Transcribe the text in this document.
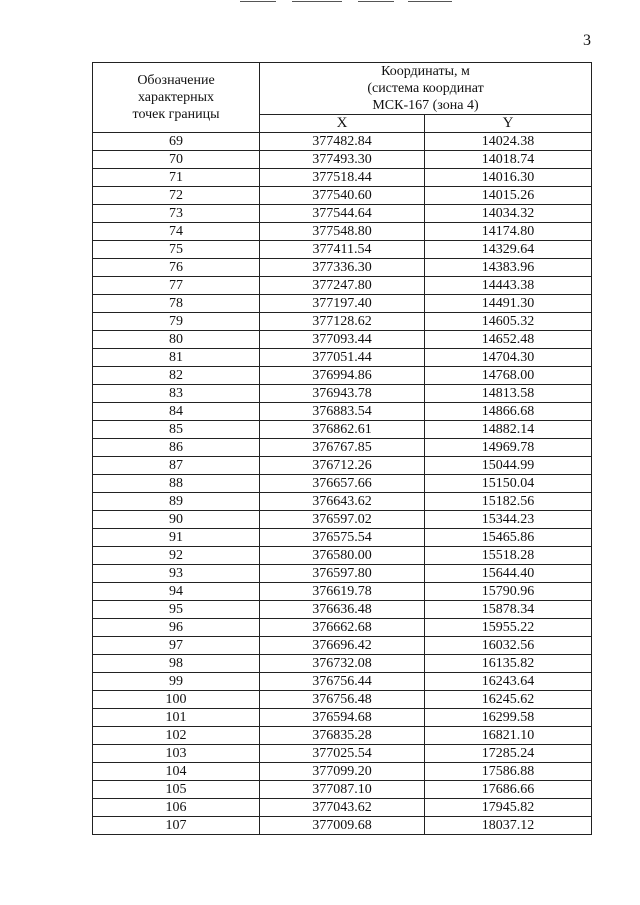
3
Обозначение
характерных
точек границы	Координаты, м
(система координат
МСК-167 (зона 4)	

	X	Y
69	377482.84	14024.38
70	377493.30	14018.74
71	377518.44	14016.30
72	377540.60	14015.26
73	377544.64	14034.32
74	377548.80	14174.80
75	377411.54	14329.64
76	377336.30	14383.96
77	377247.80	14443.38
78	377197.40	14491.30
79	377128.62	14605.32
80	377093.44	14652.48
81	377051.44	14704.30
82	376994.86	14768.00
83	376943.78	14813.58
84	376883.54	14866.68
85	376862.61	14882.14
86	376767.85	14969.78
87	376712.26	15044.99
88	376657.66	15150.04
89	376643.62	15182.56
90	376597.02	15344.23
91	376575.54	15465.86
92	376580.00	15518.28
93	376597.80	15644.40
94	376619.78	15790.96
95	376636.48	15878.34
96	376662.68	15955.22
97	376696.42	16032.56
98	376732.08	16135.82
99	376756.44	16243.64
100	376756.48	16245.62
101	376594.68	16299.58
102	376835.28	16821.10
103	377025.54	17285.24
104	377099.20	17586.88
105	377087.10	17686.66
106	377043.62	17945.82
107	377009.68	18037.12
